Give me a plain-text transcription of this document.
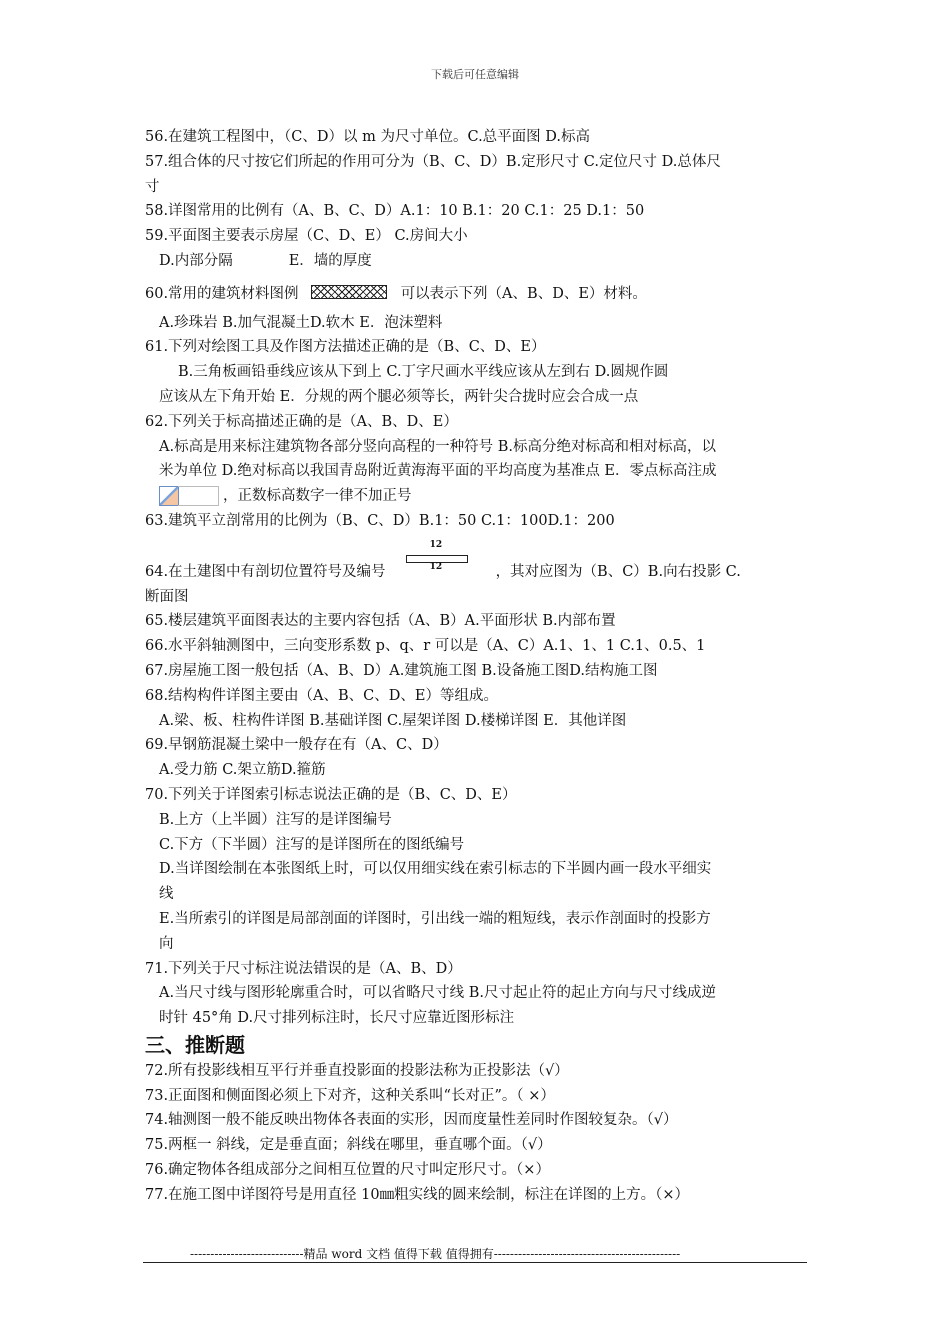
下载后可任意编辑
56.在建筑工程图中，（C、D）以 m 为尺寸单位。C.总平面图 D.标高
57.组合体的尺寸按它们所起的作用可分为（B、C、D）B.定形尺寸 C.定位尺寸 D.总体尺
寸
58.详图常用的比例有（A、B、C、D）A.1：10 B.1：20 C.1：25 D.1：50
59.平面图主要表示房屋（C、D、E） C.房间大小
D.内部分隔	E．墙的厚度
60.常用的建筑材料图例	可以表示下列（A、B、D、E）材料。
A.珍珠岩 B.加气混凝土D.软木 E．泡沫塑料
61.下列对绘图工具及作图方法描述正确的是（B、C、D、E）
B.三角板画铅垂线应该从下到上 C.丁字尺画水平线应该从左到右 D.圆规作圆
应该从左下角开始 E．分规的两个腿必须等长，两针尖合拢时应会合成一点
62.下列关于标高描述正确的是（A、B、D、E）
A.标高是用来标注建筑物各部分竖向高程的一种符号 B.标高分绝对标高和相对标高，以
米为单位 D.绝对标高以我国青岛附近黄海海平面的平均高度为基准点 E．零点标高注成
，正数标高数字一律不加正号
63.建筑平立剖常用的比例为（B、C、D）B.1：50 C.1：100D.1：200
64.在土建图中有剖切位置符号及编号
12
12	，其对应图为（B、C）B.向右投影 C.
断面图
65.楼层建筑平面图表达的主要内容包括（A、B）A.平面形状 B.内部布置
66.水平斜轴测图中，三向变形系数 p、q、r 可以是（A、C）A.1、1、1 C.1、0.5、1
67.房屋施工图一般包括（A、B、D）A.建筑施工图 B.设备施工图D.结构施工图
68.结构构件详图主要由（A、B、C、D、E）等组成。
A.梁、板、柱构件详图 B.基础详图 C.屋架详图 D.楼梯详图 E．其他详图
69.早钢筋混凝土梁中一般存在有（A、C、D）
A.受力筋 C.架立筋D.箍筋
70.下列关于详图索引标志说法正确的是（B、C、D、E）
B.上方（上半圆）注写的是详图编号
C.下方（下半圆）注写的是详图所在的图纸编号
D.当详图绘制在本张图纸上时，可以仅用细实线在索引标志的下半圆内画一段水平细实
线
E.当所索引的详图是局部剖面的详图时，引出线一端的粗短线，表示作剖面时的投影方
向
71.下列关于尺寸标注说法错误的是（A、B、D）
A.当尺寸线与图形轮廓重合时，可以省略尺寸线 B.尺寸起止符的起止方向与尺寸线成逆
时针 45°角 D.尺寸排列标注时，长尺寸应靠近图形标注
三、推断题
72.所有投影线相互平行并垂直投影面的投影法称为正投影法（√）
73.正面图和侧面图必须上下对齐，这种关系叫“长对正”。（ ×）
74.轴测图一般不能反映出物体各表面的实形，因而度量性差同时作图较复杂。（√）
75.两框一 斜线，定是垂直面；斜线在哪里，垂直哪个面。（√）
76.确定物体各组成部分之间相互位置的尺寸叫定形尺寸。（×）
77.在施工图中详图符号是用直径 10㎜粗实线的圆来绘制，标注在详图的上方。（×）
----------------------------精品 word 文档 值得下载 值得拥有----------------------------------------------
